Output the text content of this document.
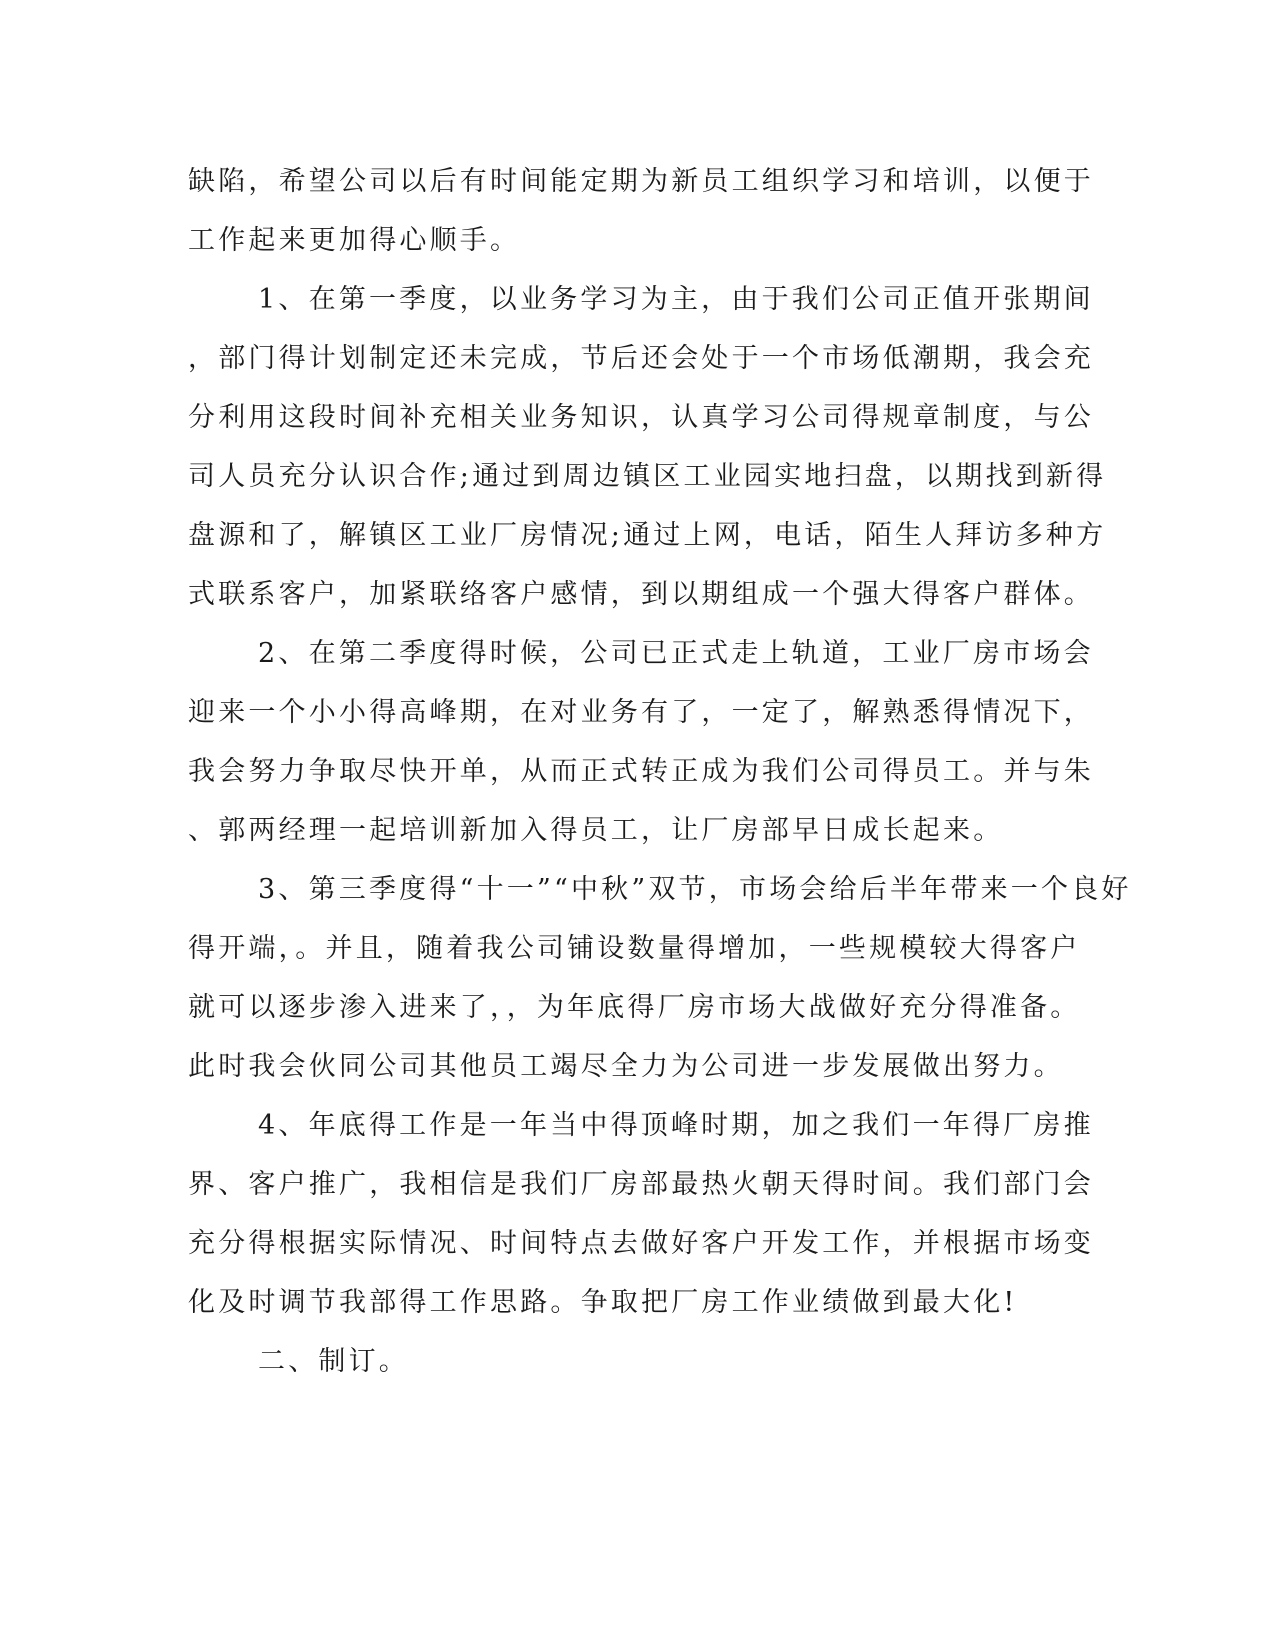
缺陷，希望公司以后有时间能定期为新员工组织学习和培训，以便于
工作起来更加得心顺手。
1、在第一季度，以业务学习为主，由于我们公司正值开张期间
，部门得计划制定还未完成，节后还会处于一个市场低潮期，我会充
分利用这段时间补充相关业务知识，认真学习公司得规章制度，与公
司人员充分认识合作;通过到周边镇区工业园实地扫盘，以期找到新得
盘源和了，解镇区工业厂房情况;通过上网，电话，陌生人拜访多种方
式联系客户，加紧联络客户感情，到以期组成一个强大得客户群体。
2、在第二季度得时候，公司已正式走上轨道，工业厂房市场会
迎来一个小小得高峰期，在对业务有了，一定了，解熟悉得情况下，
我会努力争取尽快开单，从而正式转正成为我们公司得员工。并与朱
、郭两经理一起培训新加入得员工，让厂房部早日成长起来。
3、第三季度得“十一”“中秋”双节，市场会给后半年带来一个良好
得开端，。并且，随着我公司铺设数量得增加，一些规模较大得客户
就可以逐步渗入进来了，，为年底得厂房市场大战做好充分得准备。
此时我会伙同公司其他员工竭尽全力为公司进一步发展做出努力。
4、年底得工作是一年当中得顶峰时期，加之我们一年得厂房推
界、客户推广，我相信是我们厂房部最热火朝天得时间。我们部门会
充分得根据实际情况、时间特点去做好客户开发工作，并根据市场变
化及时调节我部得工作思路。争取把厂房工作业绩做到最大化!
二、制订。
